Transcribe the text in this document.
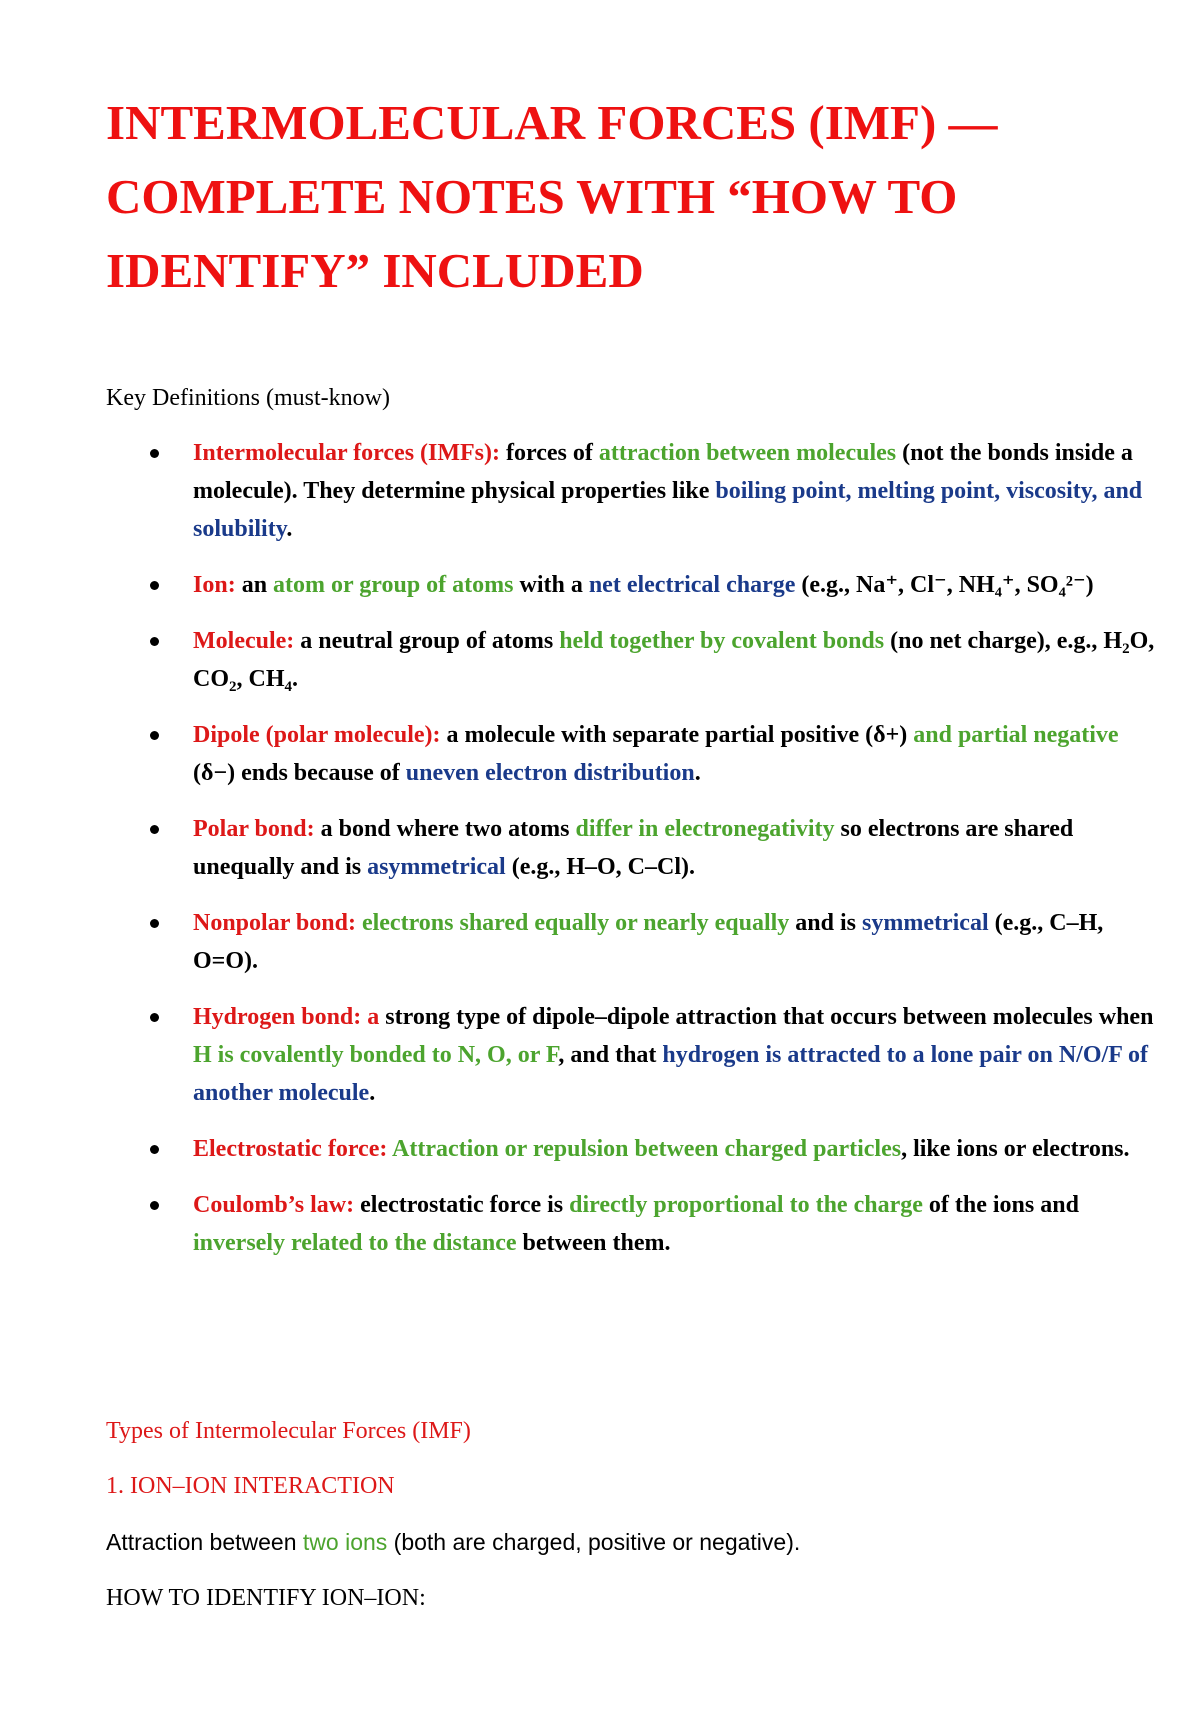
INTERMOLECULAR FORCES (IMF) —
COMPLETE NOTES WITH “HOW TO
IDENTIFY” INCLUDED
Key Definitions (must-know)
Intermolecular forces (IMFs): forces of attraction between molecules (not the bonds inside a molecule). They determine physical properties like boiling point, melting point, viscosity, and solubility.
Ion: an atom or group of atoms with a net electrical charge (e.g., Na⁺, Cl⁻, NH₄⁺, SO₄²⁻)
Molecule: a neutral group of atoms held together by covalent bonds (no net charge), e.g., $H_2O$, $CO_2$, $CH_4$.
Dipole (polar molecule): a molecule with separate partial positive (δ+) and partial negative (δ−) ends because of uneven electron distribution.
Polar bond: a bond where two atoms differ in electronegativity so electrons are shared unequally and is asymmetrical (e.g., H–O, C–Cl).
Nonpolar bond: electrons shared equally or nearly equally and is symmetrical (e.g., C–H, O=O).
Hydrogen bond: a strong type of dipole–dipole attraction that occurs between molecules when H is covalently bonded to N, O, or F, and that hydrogen is attracted to a lone pair on N/O/F of another molecule.
Electrostatic force: Attraction or repulsion between charged particles, like ions or electrons.
Coulomb’s law: electrostatic force is directly proportional to the charge of the ions and inversely related to the distance between them.
Types of Intermolecular Forces (IMF)
1. ION–ION INTERACTION
Attraction between two ions (both are charged, positive or negative).
HOW TO IDENTIFY ION–ION:
